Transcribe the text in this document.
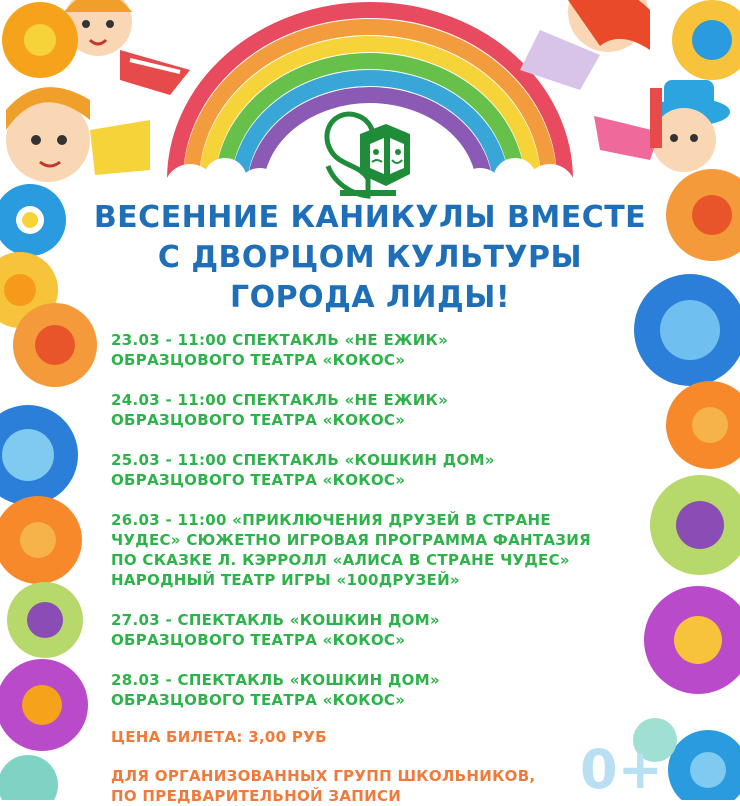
ВЕСЕННИЕ КАНИКУЛЫ ВМЕСТЕ
С ДВОРЦОМ КУЛЬТУРЫ
ГОРОДА ЛИДЫ!
23.03 - 11:00 СПЕКТАКЛЬ «НЕ ЕЖИК»
ОБРАЗЦОВОГО ТЕАТРА «КОКОС»
24.03 - 11:00 СПЕКТАКЛЬ «НЕ ЕЖИК»
ОБРАЗЦОВОГО ТЕАТРА «КОКОС»
25.03 - 11:00 СПЕКТАКЛЬ «КОШКИН ДОМ»
ОБРАЗЦОВОГО ТЕАТРА «КОКОС»
26.03 - 11:00 «ПРИКЛЮЧЕНИЯ ДРУЗЕЙ В СТРАНЕ
ЧУДЕС» СЮЖЕТНО ИГРОВАЯ ПРОГРАММА ФАНТАЗИЯ
ПО СКАЗКЕ Л. КЭРРОЛЛ «АЛИСА В СТРАНЕ ЧУДЕС»
НАРОДНЫЙ ТЕАТР ИГРЫ «100ДРУЗЕЙ»
27.03 - СПЕКТАКЛЬ «КОШКИН ДОМ»
ОБРАЗЦОВОГО ТЕАТРА «КОКОС»
28.03 - СПЕКТАКЛЬ «КОШКИН ДОМ»
ОБРАЗЦОВОГО ТЕАТРА «КОКОС»
ЦЕНА БИЛЕТА: 3,00 РУБ
ДЛЯ ОРГАНИЗОВАННЫХ ГРУПП ШКОЛЬНИКОВ,
ПО ПРЕДВАРИТЕЛЬНОЙ ЗАПИСИ	0+
